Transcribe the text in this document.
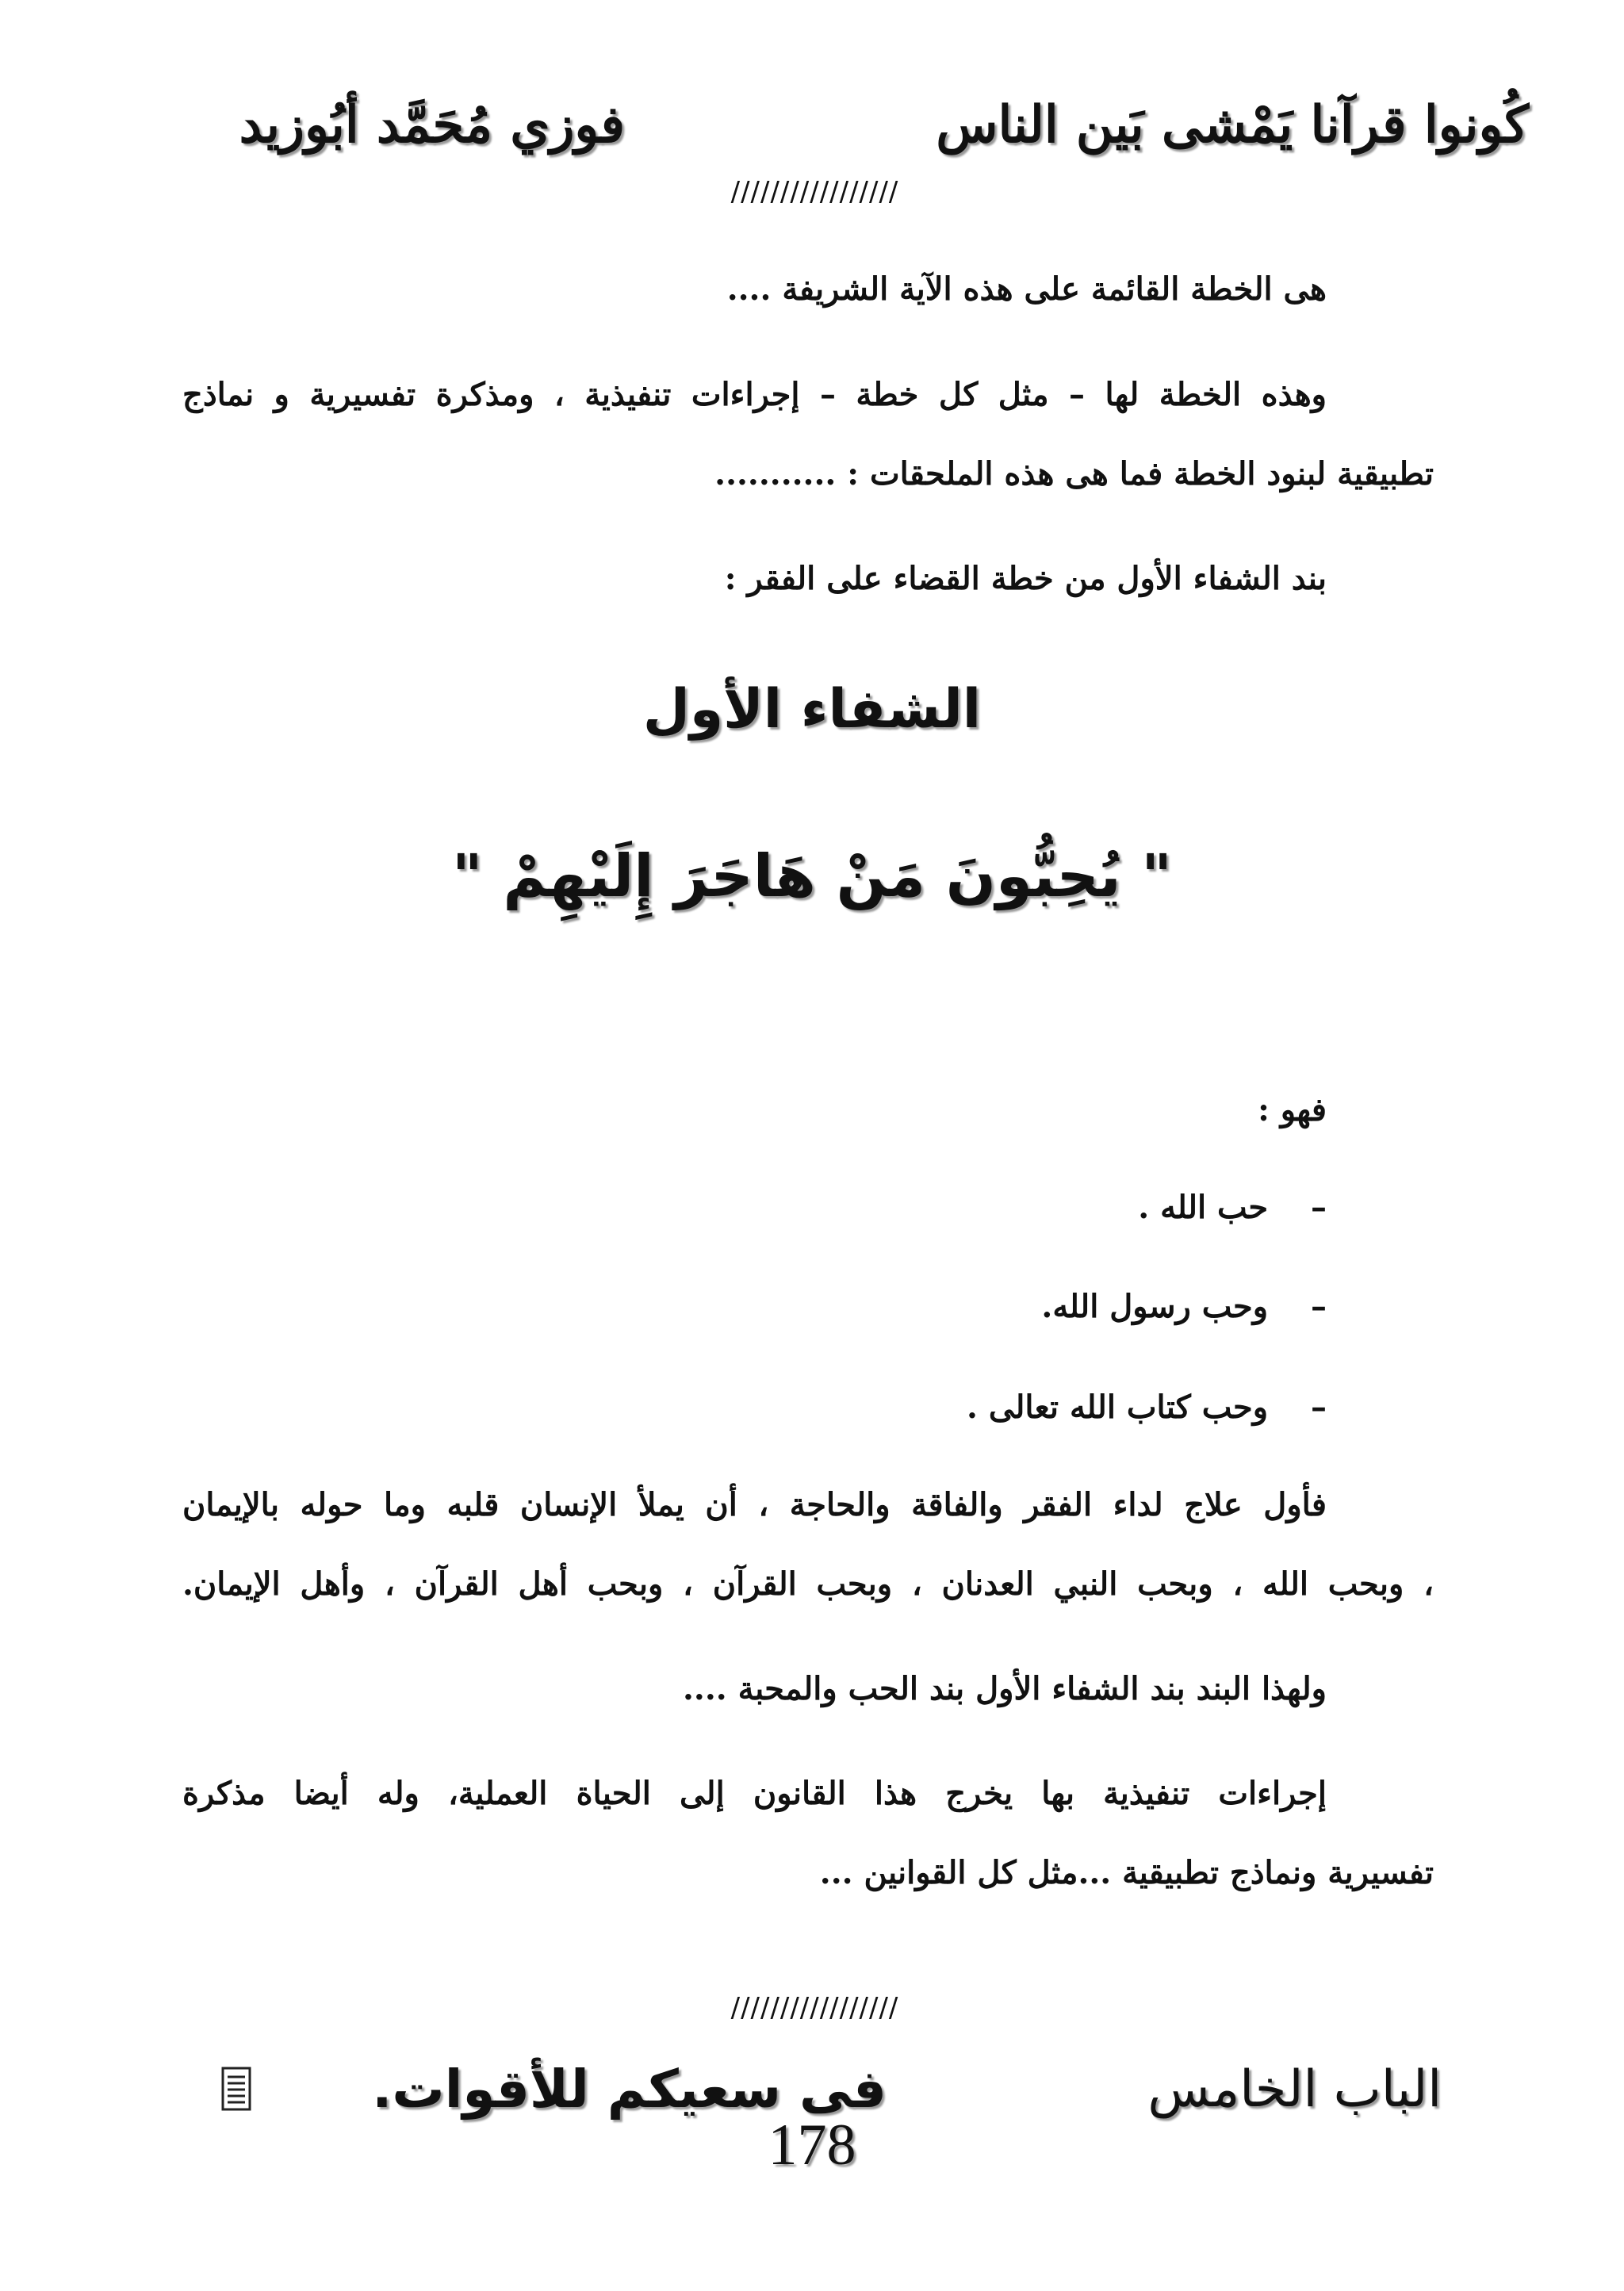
كُونوا قرآنا يَمْشى بَين الناس
فوزي مُحَمَّد أبُوزيد
/////////////////
هى الخطة القائمة على هذه الآية الشريفة ....
وهذه الخطة لها – مثل كل خطة – إجراءات تنفيذية ، ومذكرة تفسيرية و نماذج
تطبيقية لبنود الخطة فما هى هذه الملحقات : ...........
بند الشفاء الأول من خطة القضاء على الفقر :
الشفاء الأول
" يُحِبُّونَ مَنْ هَاجَرَ إِلَيْهِمْ "
فهو :
– حب الله .
– وحب رسول الله.
– وحب كتاب الله تعالى .
فأول علاج لداء الفقر والفاقة والحاجة ، أن يملأ الإنسان قلبه وما حوله بالإيمان
، وبحب الله ، وبحب النبي العدنان ، وبحب القرآن ، وبحب أهل القرآن ، وأهل الإيمان.
ولهذا البند بند الشفاء الأول بند الحب والمحبة ....
إجراءات تنفيذية بها يخرج هذا القانون إلى الحياة العملية، وله أيضا مذكرة
تفسيرية ونماذج تطبيقية ...مثل كل القوانين ...
/////////////////
الباب الخامس
فى سعيكم للأقوات.
178
